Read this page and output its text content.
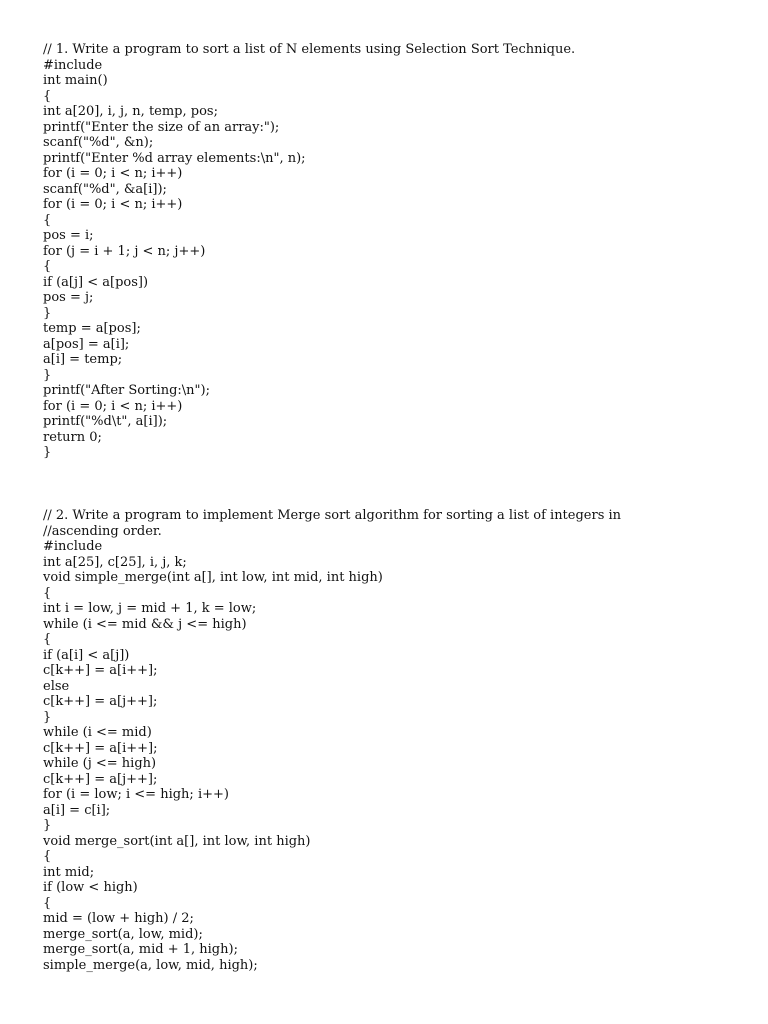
// 1. Write a program to sort a list of N elements using Selection Sort Technique.
#include
int main()
{
int a[20], i, j, n, temp, pos;
printf("Enter the size of an array:");
scanf("%d", &n);
printf("Enter %d array elements:\n", n);
for (i = 0; i < n; i++)
scanf("%d", &a[i]);
for (i = 0; i < n; i++)
{
pos = i;
for (j = i + 1; j < n; j++)
{
if (a[j] < a[pos])
pos = j;
}
temp = a[pos];
a[pos] = a[i];
a[i] = temp;
}
printf("After Sorting:\n");
for (i = 0; i < n; i++)
printf("%d\t", a[i]);
return 0;
}
// 2. Write a program to implement Merge sort algorithm for sorting a list of integers in
//ascending order.
#include
int a[25], c[25], i, j, k;
void simple_merge(int a[], int low, int mid, int high)
{
int i = low, j = mid + 1, k = low;
while (i <= mid && j <= high)
{
if (a[i] < a[j])
c[k++] = a[i++];
else
c[k++] = a[j++];
}
while (i <= mid)
c[k++] = a[i++];
while (j <= high)
c[k++] = a[j++];
for (i = low; i <= high; i++)
a[i] = c[i];
}
void merge_sort(int a[], int low, int high)
{
int mid;
if (low < high)
{
mid = (low + high) / 2;
merge_sort(a, low, mid);
merge_sort(a, mid + 1, high);
simple_merge(a, low, mid, high);
